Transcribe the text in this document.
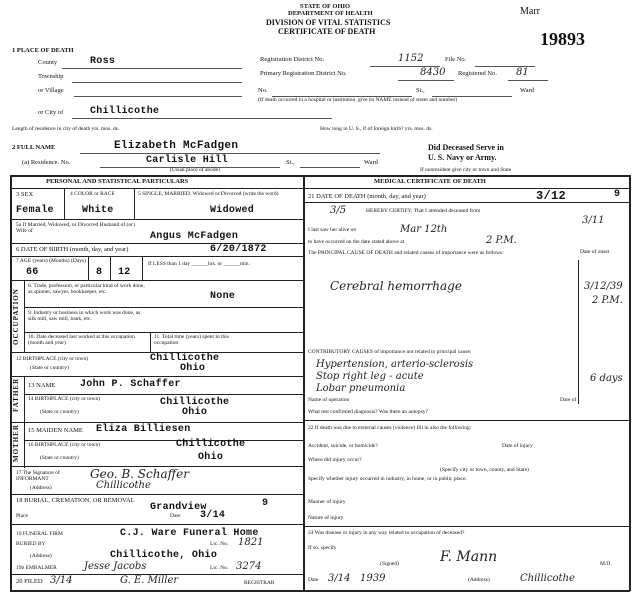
STATE OF OHIO
DEPARTMENT OF HEALTH
DIVISION OF VITAL STATISTICS
CERTIFICATE OF DEATH
Marr
19893
1 PLACE OF DEATH
County	Ross	Registration District No.	1152	File No.
Township	Primary Registration District No.	8430 Registered No. 81
or Village	No.	St.,	Ward
(If death occurred in a hospital or institution, give its NAME instead of street and number)
or City of	Chillicothe
Length of residence in city of death yrs. mos. ds.	How long in U. S., if of foreign birth? yrs. mos. ds.
2 FULL NAME	Elizabeth McFadgen
(a) Residence. No.	Carlisle Hill	St.,	Ward
(Usual place of abode)
Did Deceased Serve in
U. S. Navy or Army.
If nonresident give city or town and State
PERSONAL AND STATISTICAL PARTICULARS	MEDICAL CERTIFICATE OF DEATH
3 SEX
Female
4 COLOR or RACE
White
5 SINGLE, MARRIED, Widowed or Divorced (write the word)
Widowed
5a If Married, Widowed, or Divorced Husband of (or) Wife of	Angus McFadgen
6 DATE OF BIRTH (month, day, and year)	6/20/1872
7 AGE (years) (Months) (Days)
66	8 12
If LESS than 1 day ______hrs. or ______min.
OCCUPATION
8. Trade, profession, or particular kind of work done, as spinner, sawyer, bookkeeper, etc.	None
9. Industry or business in which work was done, as silk mill, saw mill, bank, etc.
10. Date deceased last worked at this occupation (month and year)
11. Total time (years) spent in this occupation
12 BIRTHPLACE (city or town)	Chillicothe
(State or country)	Ohio
FATHER 13 NAME John P. Schaffer
14 BIRTHPLACE (city or town)	Chillicothe
(State or country)	Ohio
MOTHER 15 MAIDEN NAME Eliza Billiesen
16 BIRTHPLACE (city or town)	Chillicothe
(State or country)	Ohio
17 The Signature of INFORMANT	Geo. B. Schaffer
(Address)	Chillicothe
18 BURIAL, CREMATION, OR REMOVAL
Grandview
Place	Date 3/14
9
19 FUNERAL FIRM	C.J. Ware Funeral Home
BURIED BY	Lic. No. 1821
(Address)	Chillicothe, Ohio
19b EMBALMER	Jesse Jacobs	Lic. No. 3274
20 FILED 3/14	G. E. Miller	REGISTRAR
21 DATE OF DEATH (month, day, and year)	3/12	9
3/5	HEREBY CERTIFY, That I attended deceased from
3/11
I last saw her alive on	Mar 12th
to have occurred on the date stated above at	2 P.M.
The PRINCIPAL CAUSE OF DEATH and related causes of importance were as follows:	Date of onset
Cerebral hemorrhage	3/12/39
2 P.M.
CONTRIBUTORY CAUSES of importance not related to principal cause:
Hypertension, arterio-sclerosis
Stop right leg - acute
Lobar pneumonia
6 days
Name of operation	Date of
What test confirmed diagnosis? Was there an autopsy?
22 If death was due to external causes (violence) fill in also the following:
Accident, suicide, or homicide?	Date of injury
Where did injury occur?
(Specify city or town, county, and State)
Specify whether injury occurred in industry, in home, or in public place.
Manner of injury
Nature of injury
24 Was disease or injury in any way related to occupation of deceased?
If so, specify
(Signed)	F. Mann	M.D.
Date 3/14 1939	(Address)	Chillicothe
